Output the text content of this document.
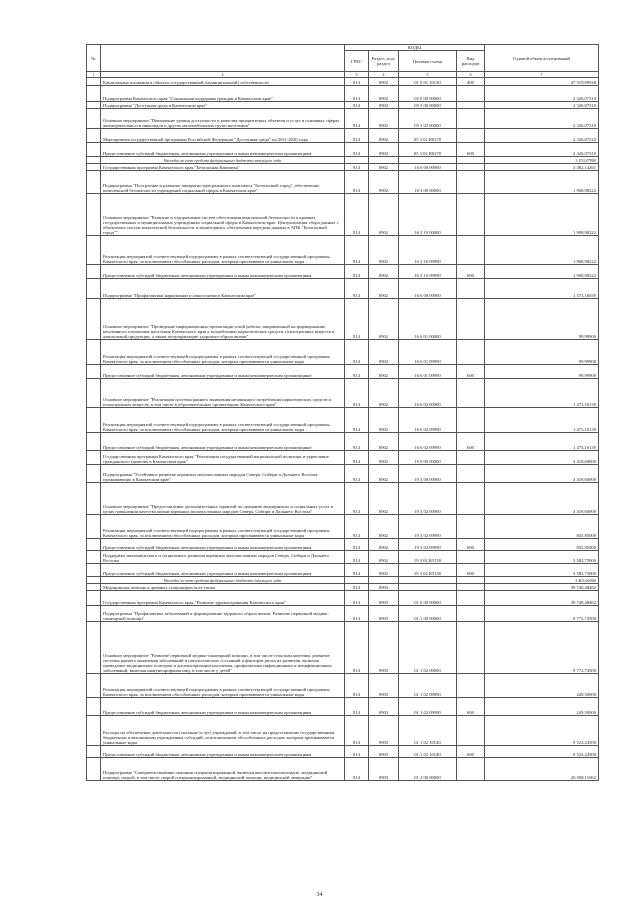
№		КОДЫ				Годовой объем ассигнований
		ГРБС	Раздел, под-раздел	Целевая статья	Вид расходов	
1	2	3	4	5	6	7
	Капитальные вложения в объекты государственной (муниципальной) собственности	814	0902	01 9 01 10130	400	47 519,89928
	Подпрограмма Камчатского края "Социальная поддержка граждан в Камчатском крае"	814	0902	05 0 00 00000		2 326,07310
	Подпрограмма "Доступная среда в Камчатском крае"	814	0902	05 3 00 00000		2 326,07310
	Основное мероприятие "Повышение уровня доступности и качества приоритетных объектов и услуг в основных сферах жизнедеятельности инвалидов и других маломобильных групп населения"	814	0902	05 3 02 00000		2 326,07310
	Мероприятия государственной программы Российской Федерации "Доступная среда" на 2011-2020 годы	814	0902	05 3 02 R0270		2 326,07310
	Предоставление субсидий бюджетным, автономным учреждениям и иным некоммерческим организациям	814	0902	05 3 02 R0270	600	2 326,07310
	Расходы за счет средств федерального бюджета текущего года					1 170,47990
	Государственная программа Камчатского края "Безопасная Камчатка"	814	0902	16 0 00 00000		3 482,14261
	Подпрограмма "Построение и развитие аппаратно-программного комплекса "Безопасный город", обеспечение комплексной безопасности учреждений социальной сферы в Камчатском крае"	814	0902	16 3 00 00000		1 908,98222
	Основное мероприятие "Развитие и оздоровление систем обеспечения комплексной безопасности в краевых государственных и муниципальных учреждениях социальной сферы в Камчатском крае. Централизация сбора данных с объектовых систем комплексной безопасности и мониторинга, обеспечения передачи данных в АПК "Безопасный город""	814	0902	16 3 10 00000		1 908,98222
	Реализация мероприятий соответствующей подпрограммы в рамках соответствующей государственной программы Камчатского края, за исключением обособленных расходов, которым присваиваются уникальные коды	814	0902	16 3 10 09990		1 908,98222
	Предоставление субсидий бюджетным, автономным учреждениям и иным некоммерческим организациям	814	0902	16 3 10 09990	600	1 908,98222
	Подпрограмма "Профилактика наркомании и алкоголизма в Камчатском крае"	814	0902	16 6 00 00000		1 573,16039
	Основное мероприятие "Проведение информационно-пропагандистской работы, направленной на формирование негативного отношения населения Камчатского края к потреблению наркотических средств, психотропных веществ и алкогольной продукции, а также популяризацию здорового образа жизни"	814	0902	16 6 01 00000		99,99900
	Реализация мероприятий соответствующей подпрограммы в рамках соответствующей государственной программы Камчатского края, за исключением обособленных расходов, которым присваиваются уникальные коды	814	0902	16 6 01 09990		99,99900
	Предоставление субсидий бюджетным, автономным учреждениям и иным некоммерческим организациям	814	0902	16 6 01 09990	600	99,99900
	Основное мероприятие "Реализация системы раннего выявления незаконного потребления наркотических средств и психотропных веществ, в том числе в образовательных организациях Камчатского края"	814	0902	16 6 02 00000		1 473,16139
	Реализация мероприятий соответствующей подпрограммы в рамках соответствующей государственной программы Камчатского края, за исключением обособленных расходов, которым присваиваются уникальные коды	814	0902	16 6 02 09990		1 473,16139
	Предоставление субсидий бюджетным, автономным учреждениям и иным некоммерческим организациям	814	0902	16 6 02 09990	600	1 473,16139
	Государственная программа Камчатского края "Реализация государственной национальной политики и укрепление гражданского единства в Камчатском крае"	814	0902	19 0 00 00000		4 418,60000
	Подпрограмма "Устойчивое развитие коренных малочисленных народов Севера, Сибири и Дальнего Востока, проживающих в Камчатском крае"	814	0902	19 3 00 00000		4 418,60000
	Основное мероприятие "Предоставление дополнительных гарантий по оказанию медицинских и социальных услуг в целях повышения качества жизни коренных малочисленных народов Севера, Сибири и Дальнего Востока"	814	0902	19 3 02 00000		4 418,60000
	Реализация мероприятий соответствующей подпрограммы в рамках соответствующей государственной программы Камчатского края, за исключением обособленных расходов, которым присваиваются уникальные коды	814	0902	19 3 02 09990		835,85000
	Предоставление субсидий бюджетным, автономным учреждениям и иным некоммерческим организациям	814	0902	19 3 02 09990	600	835,85000
	Поддержка экономического и социального развития коренных малочисленных народов Севера, Сибири и Дальнего Востока	814	0902	19 3 02 R5150		3 582,75000
	Предоставление субсидий бюджетным, автономным учреждениям и иным некоммерческим организациям	814	0902	19 3 02 R5150	600	3 582,75000
	Расходы за счет средств федерального бюджета текущего года					3 403,60000
	Медицинская помощь в дневных стационарах всех типов	814	0903			39 740,48462
	Государственная программа Камчатского края "Развитие здравоохранения Камчатского края"	814	0903	01 0 00 00000		39 740,48462
	Подпрограмма "Профилактика заболеваний и формирование здорового образа жизни. Развитие первичной медико-санитарной помощи"	814	0903	01 1 00 00000		9 772,74500
	Основное мероприятие "Развитие первичной медико-санитарной помощи, в том числе сельским жителям, развитие системы раннего выявления заболеваний и патологических состояний и факторов риска их развития, включая проведение медицинских осмотров и диспансеризации населения, профилактика инфекционных и неинфекционных заболеваний, включая иммунопрофилактику, в том числе у детей"	814	0903	01 1 02 00000		9 772,74500
	Реализация мероприятий соответствующей подпрограммы в рамках соответствующей государственной программы Камчатского края, за исключением обособленных расходов, которым присваиваются уникальные коды	814	0903	01 1 02 09990		249,50000
	Предоставление субсидий бюджетным, автономным учреждениям и иным некоммерческим организациям	814	0903	01 1 02 09990	600	249,50000
	Расходы на обеспечение деятельности (оказание услуг) учреждений, в том числе на предоставление государственным бюджетным и автономным учреждениям субсидий, за исключением обособленных расходов, которым присваиваются уникальные коды	814	0903	01 1 02 10140		9 523,24500
	Предоставление субсидий бюджетным, автономным учреждениям и иным некоммерческим организациям	814	0903	01 1 02 10140	600	9 523,24500
	Подпрограмма "Совершенствование оказания специализированной, включая высокотехнологичную, медицинской помощи, скорой, в том числе скорой специализированной, медицинской помощи, медицинской эвакуации"	814	0903	01 2 00 00000		26 508,11062
34
